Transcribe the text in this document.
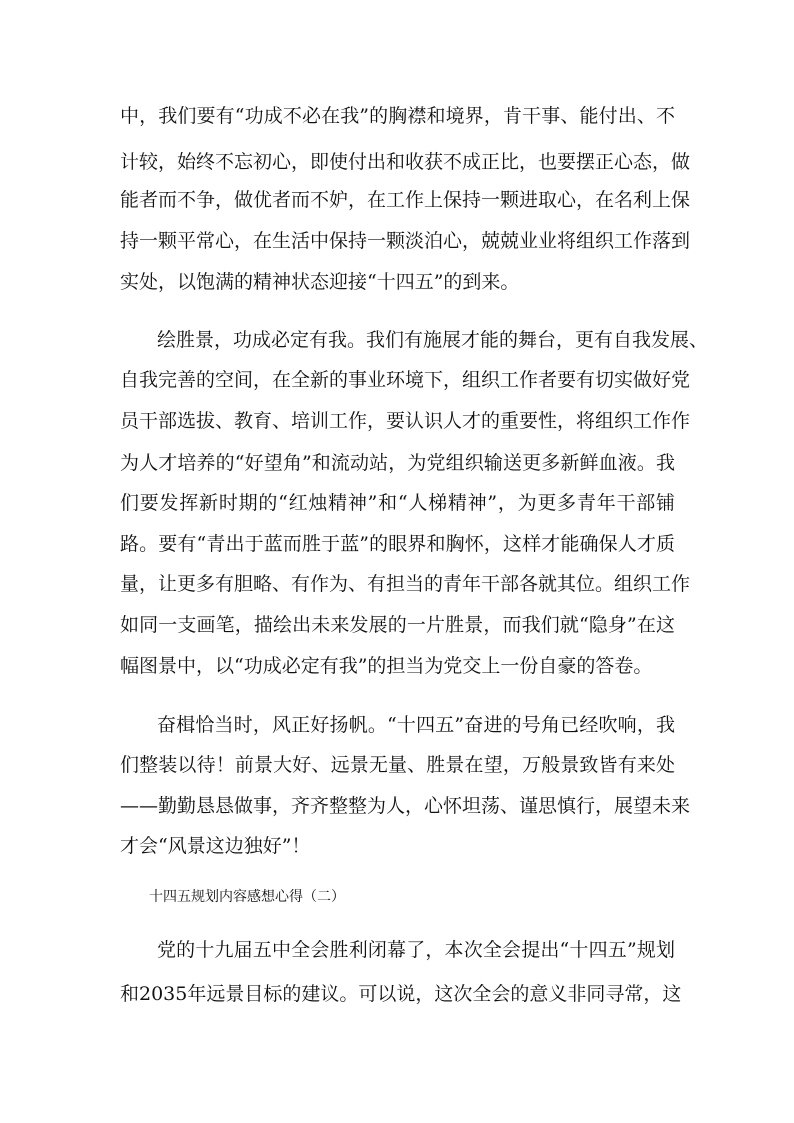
中，我们要有“功成不必在我”的胸襟和境界，肯干事、能付出、不
计较，始终不忘初心，即使付出和收获不成正比，也要摆正心态，做
能者而不争，做优者而不妒，在工作上保持一颗进取心，在名利上保
持一颗平常心，在生活中保持一颗淡泊心，兢兢业业将组织工作落到
实处，以饱满的精神状态迎接“十四五”的到来。
绘胜景，功成必定有我。我们有施展才能的舞台，更有自我发展、
自我完善的空间，在全新的事业环境下，组织工作者要有切实做好党
员干部选拔、教育、培训工作，要认识人才的重要性，将组织工作作
为人才培养的“好望角”和流动站，为党组织输送更多新鲜血液。我
们要发挥新时期的“红烛精神”和“人梯精神”，为更多青年干部铺
路。要有“青出于蓝而胜于蓝”的眼界和胸怀，这样才能确保人才质
量，让更多有胆略、有作为、有担当的青年干部各就其位。组织工作
如同一支画笔，描绘出未来发展的一片胜景，而我们就“隐身”在这
幅图景中，以“功成必定有我”的担当为党交上一份自豪的答卷。
奋楫恰当时，风正好扬帆。“十四五”奋进的号角已经吹响，我
们整装以待！前景大好、远景无量、胜景在望，万般景致皆有来处
——勤勤恳恳做事，齐齐整整为人，心怀坦荡、谨思慎行，展望未来
才会“风景这边独好”！
十四五规划内容感想心得（二）
党的十九届五中全会胜利闭幕了，本次全会提出“十四五”规划
和2035年远景目标的建议。可以说，这次全会的意义非同寻常，这
